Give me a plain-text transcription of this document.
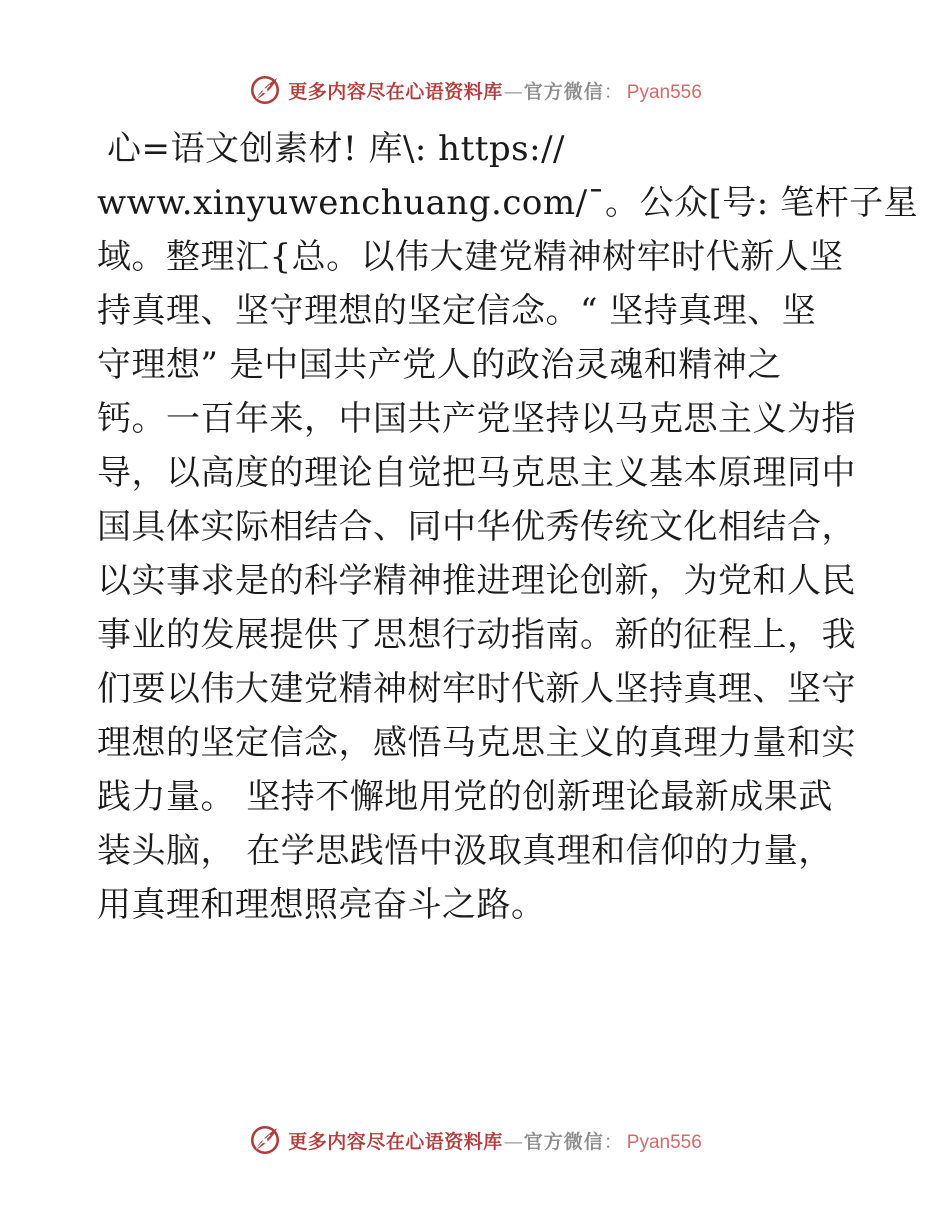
更多内容尽在心语资料库 — 官方微信 ： Pyan556
心=语文创素材! 库\: https://
www.xinyuwenchuang.com/¯。公众[号: 笔杆子星
域。整理汇{总。以伟大建党精神树牢时代新人坚
持真理、坚守理想的坚定信念。“ 坚持真理、坚
守理想” 是中国共产党人的政治灵魂和精神之
钙。一百年来，中国共产党坚持以马克思主义为指
导，以高度的理论自觉把马克思主义基本原理同中
国具体实际相结合、同中华优秀传统文化相结合，
以实事求是的科学精神推进理论创新，为党和人民
事业的发展提供了思想行动指南。新的征程上，我
们要以伟大建党精神树牢时代新人坚持真理、坚守
理想的坚定信念，感悟马克思主义的真理力量和实
践力量。 坚持不懈地用党的创新理论最新成果武
装头脑， 在学思践悟中汲取真理和信仰的力量，
用真理和理想照亮奋斗之路。
更多内容尽在心语资料库 — 官方微信 ： Pyan556
